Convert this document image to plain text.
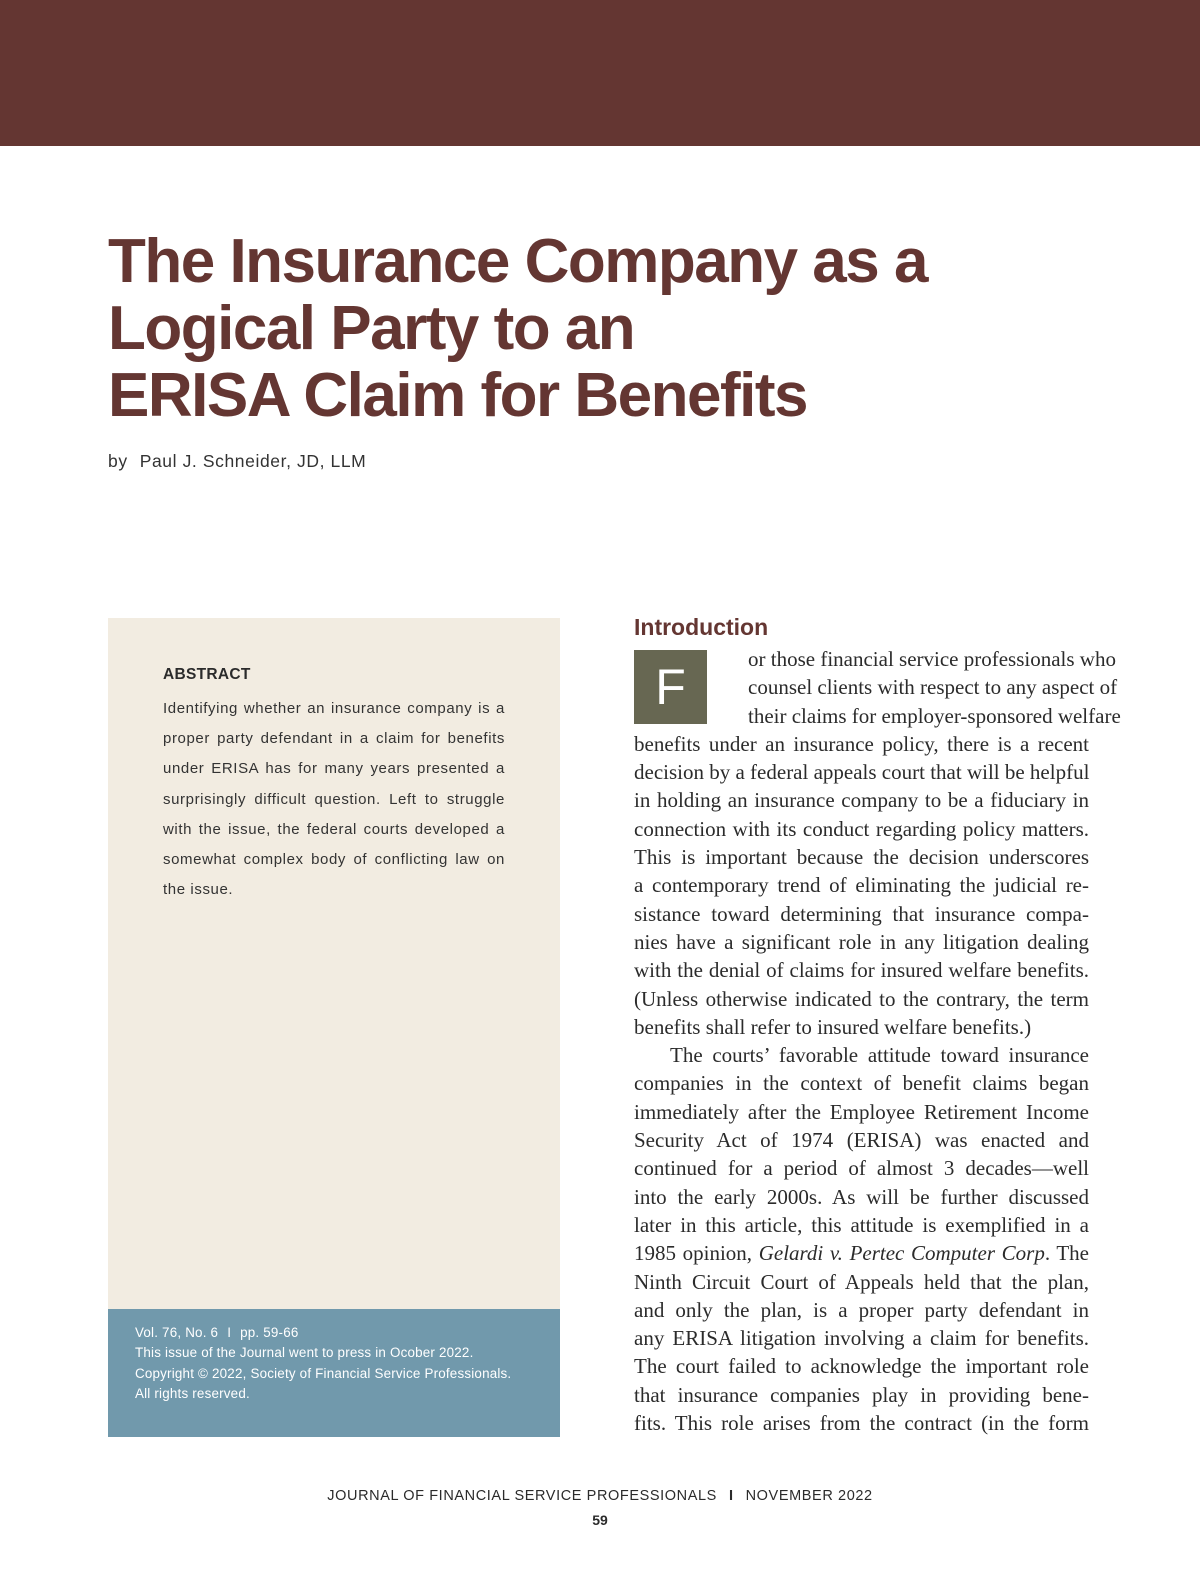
The Insurance Company as a
Logical Party to an
ERISA Claim for Benefits
by Paul J. Schneider, JD, LLM
ABSTRACT

Identifying whether an insurance company is a proper party defendant in a claim for benefits under ERISA has for many years presented a surprisingly difficult question. Left to struggle with the issue, the federal courts developed a somewhat complex body of conflicting law on the issue.

Vol. 76, No. 6 I pp. 59-66
This issue of the Journal went to press in Ocober 2022.
Copyright © 2022, Society of Financial Service Professionals.
All rights reserved.
Introduction
F	or those financial service professionals who
counsel clients with respect to any aspect of
their claims for employer-sponsored welfare
benefits under an insurance policy, there is a recent
decision by a federal appeals court that will be helpful
in holding an insurance company to be a fiduciary in
connection with its conduct regarding policy matters.
This is important because the decision underscores
a contemporary trend of eliminating the judicial re-
sistance toward determining that insurance compa-
nies have a significant role in any litigation dealing
with the denial of claims for insured welfare benefits.
(Unless otherwise indicated to the contrary, the term
benefits shall refer to insured welfare benefits.)
The courts’ favorable attitude toward insurance
companies in the context of benefit claims began
immediately after the Employee Retirement Income
Security Act of 1974 (ERISA) was enacted and
continued for a period of almost 3 decades—well
into the early 2000s. As will be further discussed
later in this article, this attitude is exemplified in a
1985 opinion, Gelardi v. Pertec Computer Corp. The
Ninth Circuit Court of Appeals held that the plan,
and only the plan, is a proper party defendant in
any ERISA litigation involving a claim for benefits.
The court failed to acknowledge the important role
that insurance companies play in providing bene-
fits. This role arises from the contract (in the form
JOURNAL OF FINANCIAL SERVICE PROFESSIONALS I NOVEMBER 2022
59
